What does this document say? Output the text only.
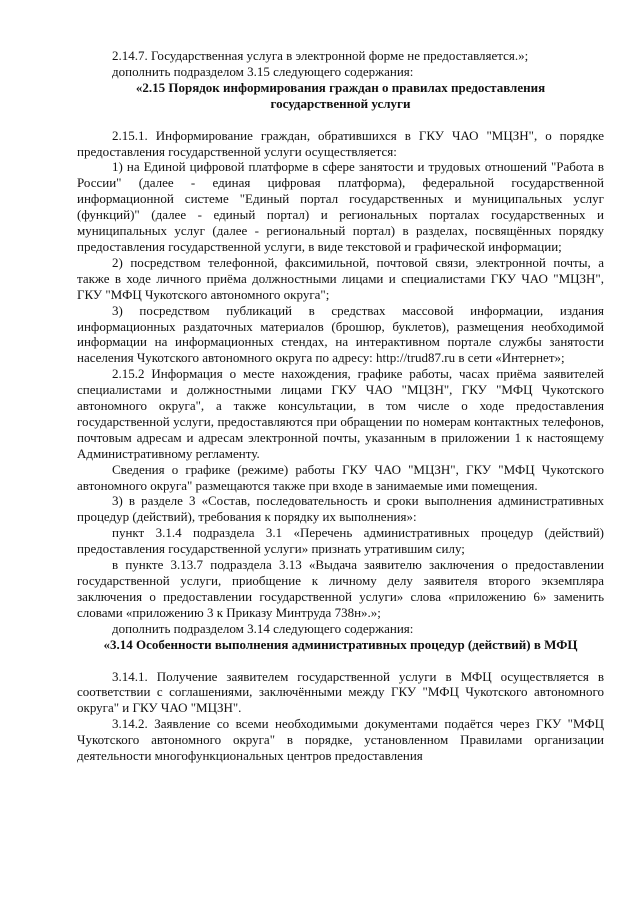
2.14.7. Государственная услуга в электронной форме не предоставляется.»;

дополнить подразделом 3.15 следующего содержания:

«2.15 Порядок информирования граждан о правилах предоставления государственной услуги

2.15.1. Информирование граждан, обратившихся в ГКУ ЧАО "МЦЗН", о порядке предоставления государственной услуги осуществляется:

1) на Единой цифровой платформе в сфере занятости и трудовых отношений "Работа в России" (далее - единая цифровая платформа), федеральной государственной информационной системе "Единый портал государственных и муниципальных услуг (функций)" (далее - единый портал) и региональных порталах государственных и муниципальных услуг (далее - региональный портал) в разделах, посвящённых порядку предоставления государственной услуги, в виде текстовой и графической информации;

2) посредством телефонной, факсимильной, почтовой связи, электронной почты, а также в ходе личного приёма должностными лицами и специалистами ГКУ ЧАО "МЦЗН", ГКУ "МФЦ Чукотского автономного округа";

3) посредством публикаций в средствах массовой информации, издания информационных раздаточных материалов (брошюр, буклетов), размещения необходимой информации на информационных стендах, на интерактивном портале службы занятости населения Чукотского автономного округа по адресу: http://trud87.ru в сети «Интернет»;

2.15.2 Информация о месте нахождения, графике работы, часах приёма заявителей специалистами и должностными лицами ГКУ ЧАО "МЦЗН", ГКУ "МФЦ Чукотского автономного округа", а также консультации, в том числе о ходе предоставления государственной услуги, предоставляются при обращении по номерам контактных телефонов, почтовым адресам и адресам электронной почты, указанным в приложении 1 к настоящему Административному регламенту.

Сведения о графике (режиме) работы ГКУ ЧАО "МЦЗН", ГКУ "МФЦ Чукотского автономного округа" размещаются также при входе в занимаемые ими помещения.

3) в разделе 3 «Состав, последовательность и сроки выполнения административных процедур (действий), требования к порядку их выполнения»:

пункт 3.1.4 подраздела 3.1 «Перечень административных процедур (действий) предоставления государственной услуги» признать утратившим силу;

в пункте 3.13.7 подраздела 3.13 «Выдача заявителю заключения о предоставлении государственной услуги, приобщение к личному делу заявителя второго экземпляра заключения о предоставлении государственной услуги» слова «приложению 6» заменить словами «приложению 3 к Приказу Минтруда 738н».»;

дополнить подразделом 3.14 следующего содержания:

«3.14 Особенности выполнения административных процедур (действий) в МФЦ

3.14.1. Получение заявителем государственной услуги в МФЦ осуществляется в соответствии с соглашениями, заключёнными между ГКУ "МФЦ Чукотского автономного округа" и ГКУ ЧАО "МЦЗН".

3.14.2. Заявление со всеми необходимыми документами подаётся через ГКУ "МФЦ Чукотского автономного округа" в порядке, установленном Правилами организации деятельности многофункциональных центров предоставления
